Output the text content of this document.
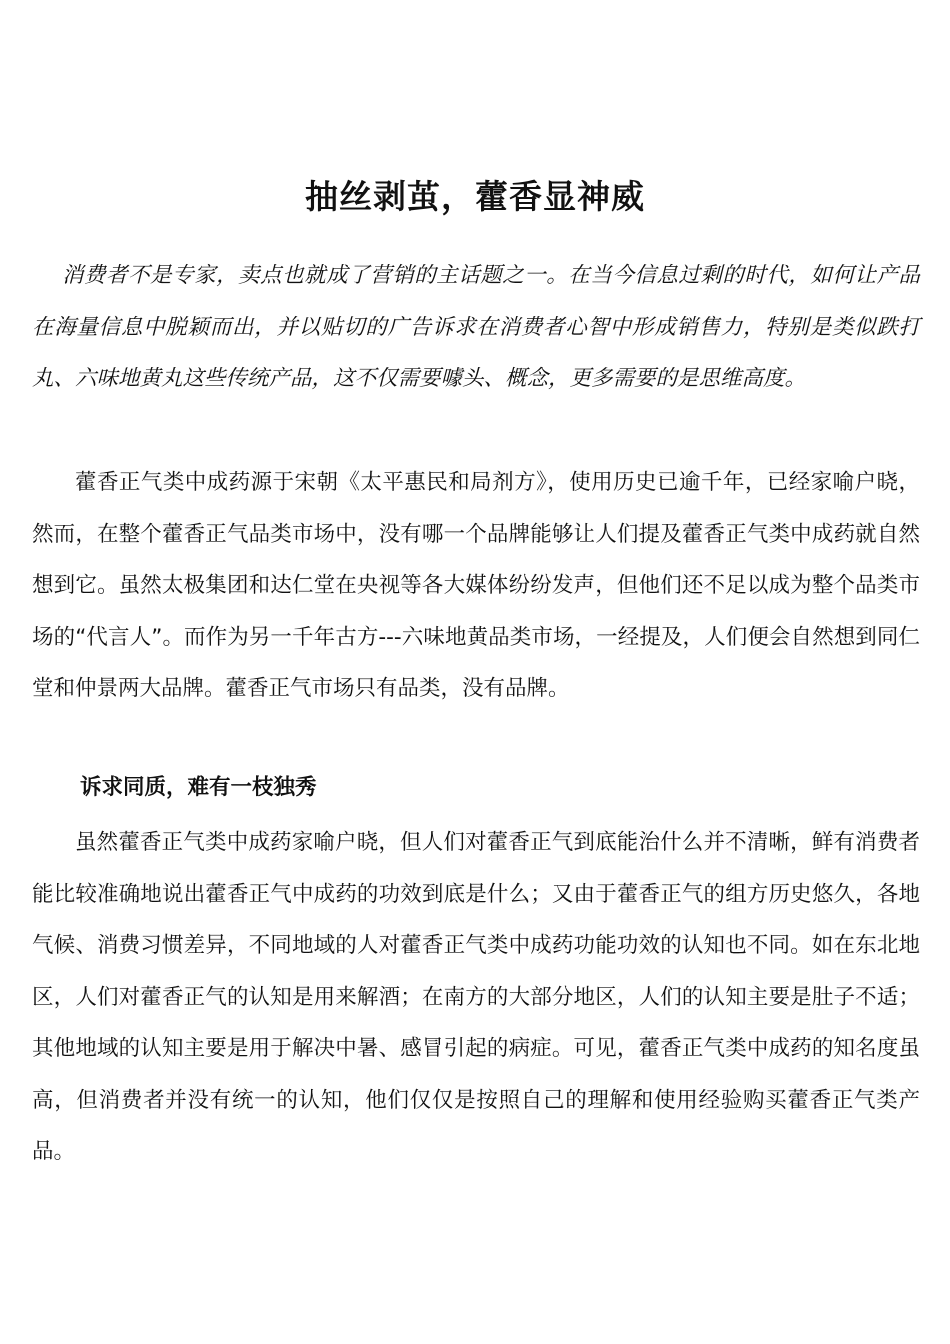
抽丝剥茧，藿香显神威

消费者不是专家，卖点也就成了营销的主话题之一。在当今信息过剩的时代，如何让产品在海量信息中脱颖而出，并以贴切的广告诉求在消费者心智中形成销售力，特别是类似跌打丸、六味地黄丸这些传统产品，这不仅需要噱头、概念，更多需要的是思维高度。

藿香正气类中成药源于宋朝《太平惠民和局剂方》，使用历史已逾千年，已经家喻户晓，然而，在整个藿香正气品类市场中，没有哪一个品牌能够让人们提及藿香正气类中成药就自然想到它。虽然太极集团和达仁堂在央视等各大媒体纷纷发声，但他们还不足以成为整个品类市场的“代言人”。而作为另一千年古方---六味地黄品类市场，一经提及，人们便会自然想到同仁堂和仲景两大品牌。藿香正气市场只有品类，没有品牌。

诉求同质，难有一枝独秀

虽然藿香正气类中成药家喻户晓，但人们对藿香正气到底能治什么并不清晰，鲜有消费者能比较准确地说出藿香正气中成药的功效到底是什么；又由于藿香正气的组方历史悠久，各地气候、消费习惯差异，不同地域的人对藿香正气类中成药功能功效的认知也不同。如在东北地区，人们对藿香正气的认知是用来解酒；在南方的大部分地区，人们的认知主要是肚子不适；其他地域的认知主要是用于解决中暑、感冒引起的病症。可见，藿香正气类中成药的知名度虽高，但消费者并没有统一的认知，他们仅仅是按照自己的理解和使用经验购买藿香正气类产品。
